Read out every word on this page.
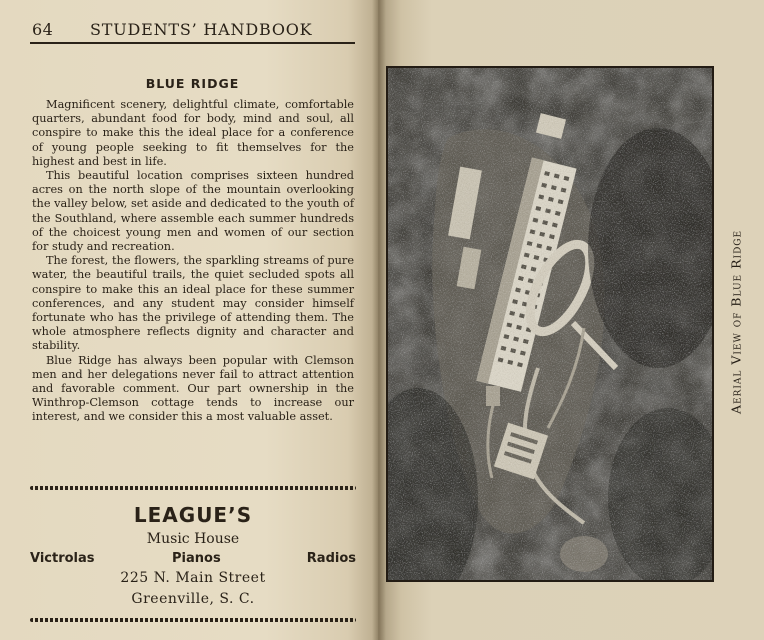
64 STUDENTS’ HANDBOOK
BLUE RIDGE

Magnificent scenery, delightful climate, comfortable quarters, abundant food for body, mind and soul, all conspire to make this the ideal place for a conference of young people seeking to fit themselves for the highest and best in life.

This beautiful location comprises sixteen hundred acres on the north slope of the mountain overlooking the valley below, set aside and dedicated to the youth of the Southland, where assemble each summer hundreds of the choicest young men and women of our section for study and recreation.

The forest, the flowers, the sparkling streams of pure water, the beautiful trails, the quiet secluded spots all conspire to make this an ideal place for these summer conferences, and any student may consider himself fortunate who has the privilege of attending them. The whole atmosphere reflects dignity and character and stability.

Blue Ridge has always been popular with Clemson men and her delegations never fail to attract attention and favorable comment. Our part ownership in the Winthrop-Clemson cottage tends to increase our interest, and we consider this a most valuable asset.

LEAGUE’S
Music House
Victrolas	Pianos	Radios
225 N. Main Street
Greenville, S. C.
Aerial View of Blue Ridge
